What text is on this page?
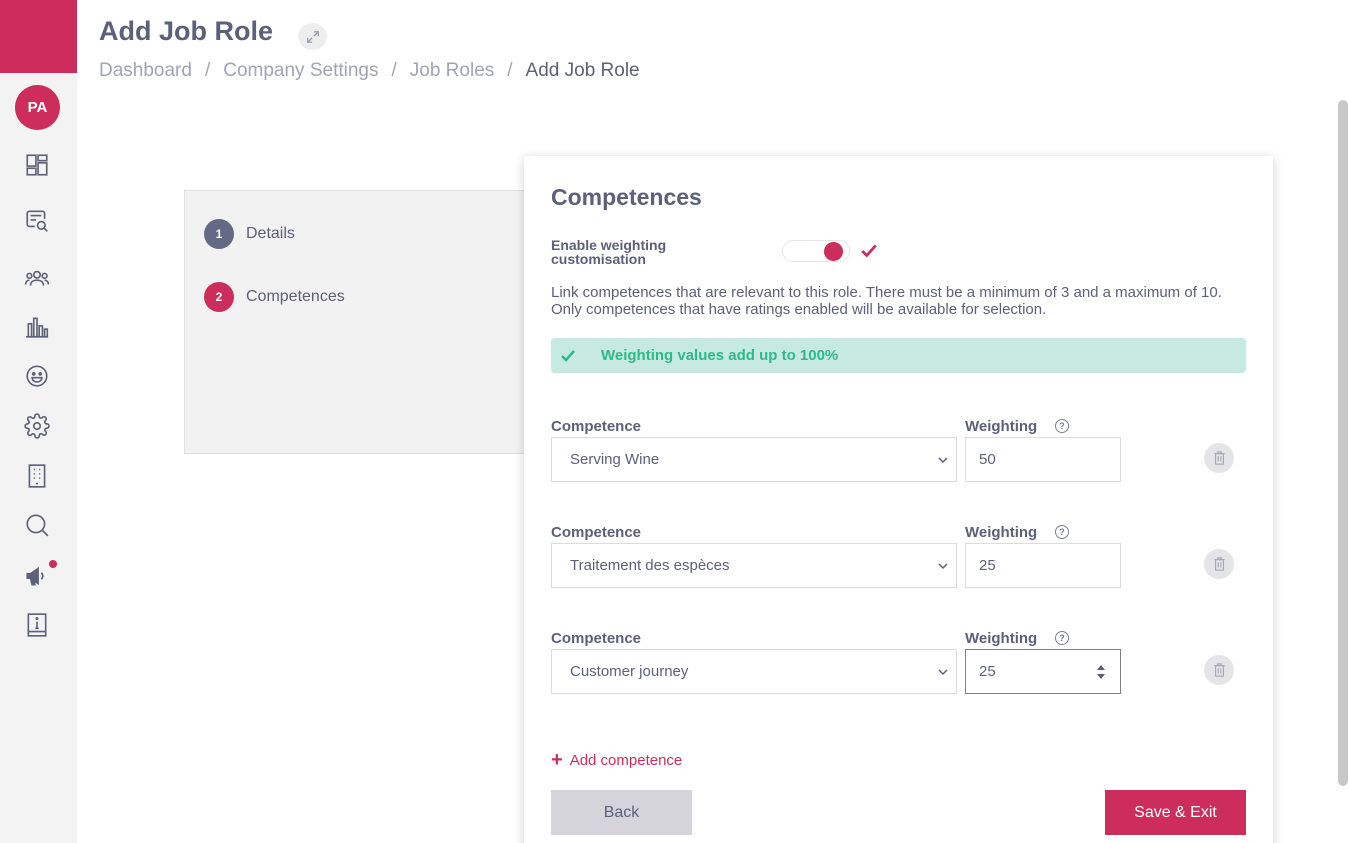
PA
Add Job Role
Dashboard / Company Settings / Job Roles / Add Job Role
1	Details
2	Competences
Competences
Enable weighting customisation
Link competences that are relevant to this role. There must be a minimum of 3 and a maximum of 10. Only competences that have ratings enabled will be available for selection.
Weighting values add up to 100%
Competence	Weighting	?
Serving Wine	50
Competence	Weighting	?
Traitement des espèces	25
Competence	Weighting	?
Customer journey	25
+ Add competence
Back	Save & Exit
